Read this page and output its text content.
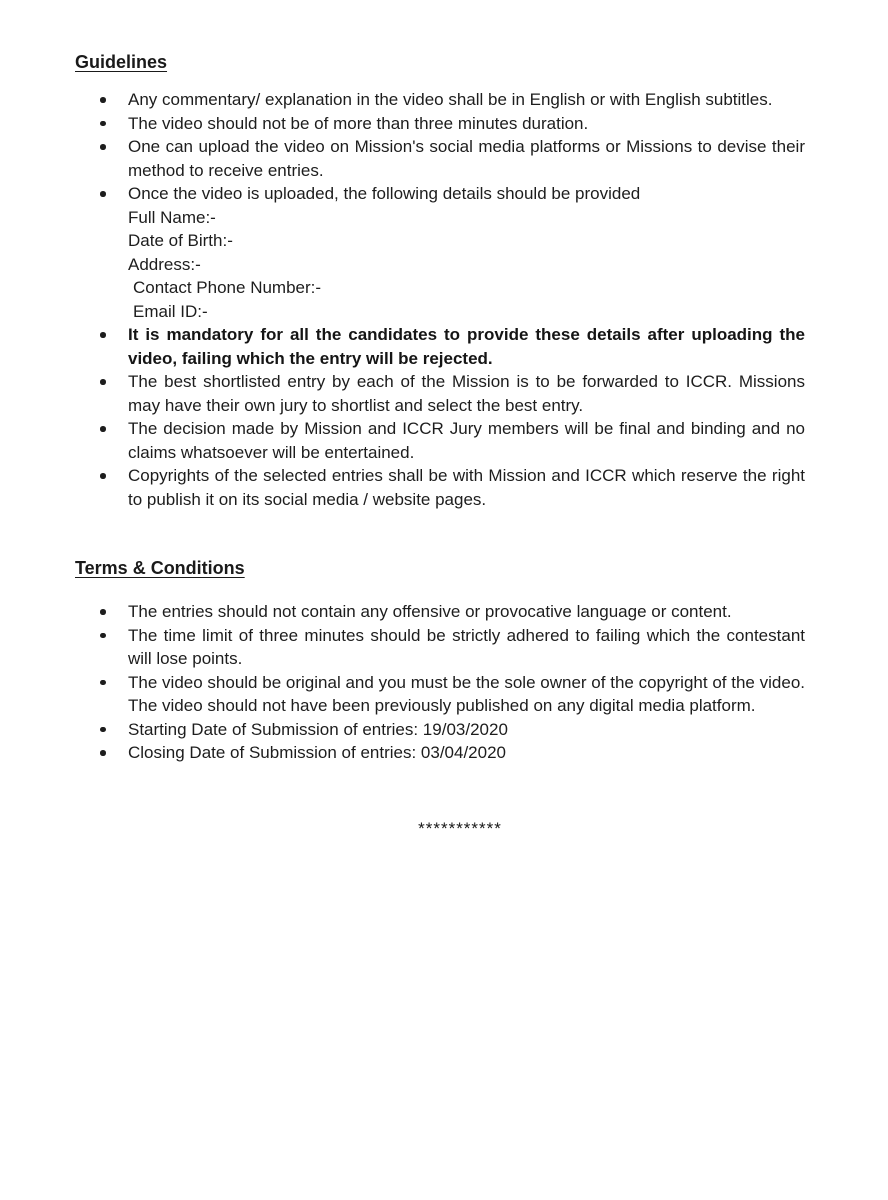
Guidelines
Any commentary/ explanation in the video shall be in English or with English subtitles.
The video should not be of more than three minutes duration.
One can upload the video on Mission's social media platforms or Missions to devise their method to receive entries.
Once the video is uploaded, the following details should be provided
Full Name:-
Date of Birth:-
Address:-
Contact Phone Number:-
Email ID:-
It is mandatory for all the candidates to provide these details after uploading the video, failing which the entry will be rejected.
The best shortlisted entry by each of the Mission is to be forwarded to ICCR. Missions may have their own jury to shortlist and select the best entry.
The decision made by Mission and ICCR Jury members will be final and binding and no claims whatsoever will be entertained.
Copyrights of the selected entries shall be with Mission and ICCR which reserve the right to publish it on its social media / website pages.
Terms & Conditions
The entries should not contain any offensive or provocative language or content.
The time limit of three minutes should be strictly adhered to failing which the contestant will lose points.
The video should be original and you must be the sole owner of the copyright of the video. The video should not have been previously published on any digital media platform.
Starting Date of Submission of entries: 19/03/2020
Closing Date of Submission of entries: 03/04/2020
***********
